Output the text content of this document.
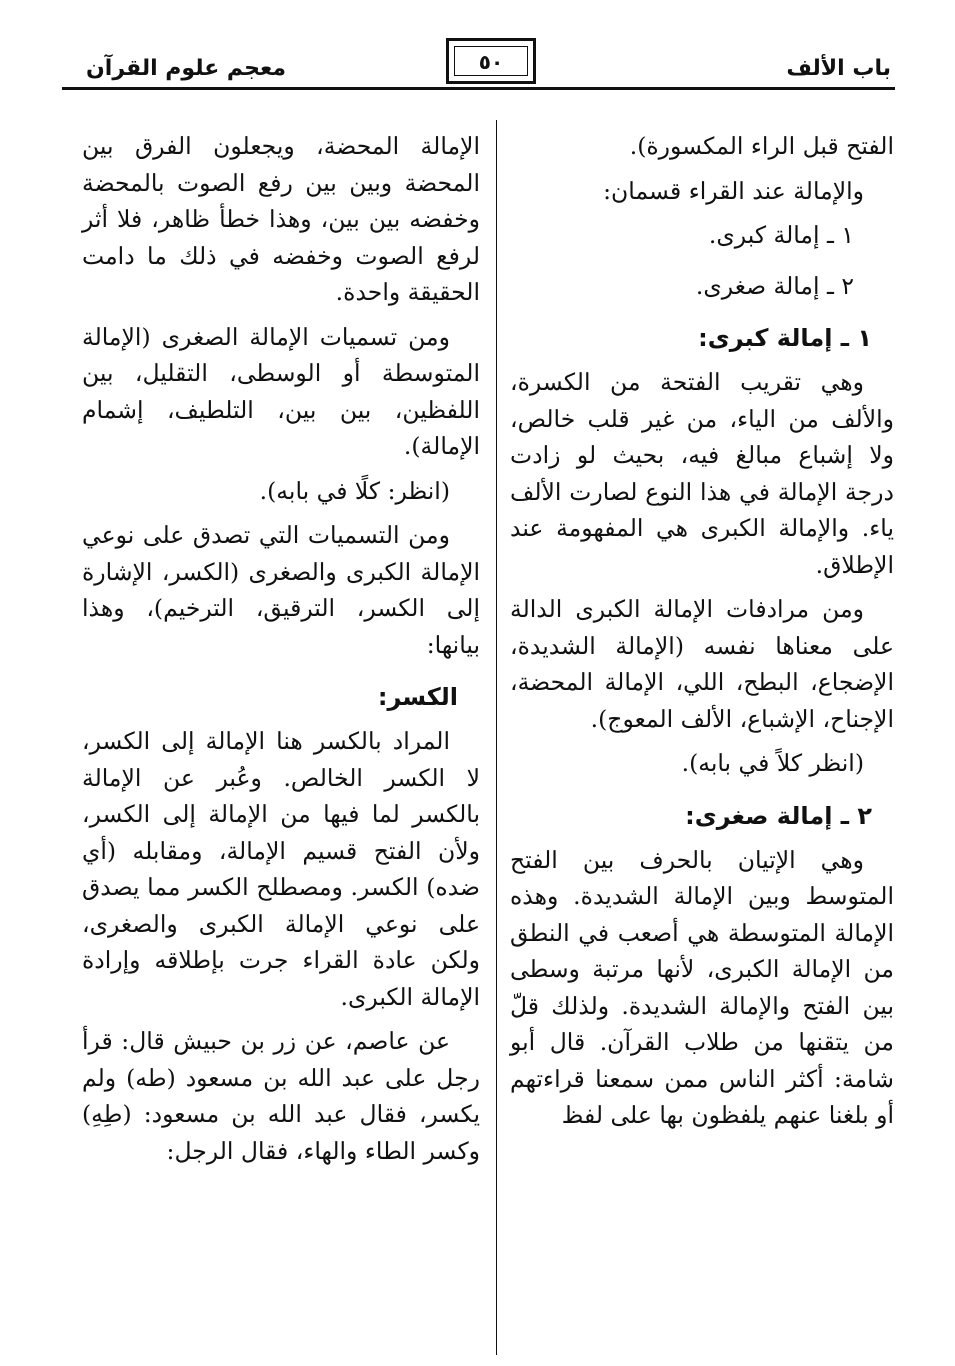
باب الألف
٥٠
معجم علوم القرآن

الفتح قبل الراء المكسورة).

والإمالة عند القراء قسمان:

١ ـ إمالة كبرى.

٢ ـ إمالة صغرى.

١ ـ إمالة كبرى:

وهي تقريب الفتحة من الكسرة، والألف من الياء، من غير قلب خالص، ولا إشباع مبالغ فيه، بحيث لو زادت درجة الإمالة في هذا النوع لصارت الألف ياء. والإمالة الكبرى هي المفهومة عند الإطلاق.

ومن مرادفات الإمالة الكبرى الدالة على معناها نفسه (الإمالة الشديدة، الإضجاع، البطح، اللي، الإمالة المحضة، الإجناح، الإشباع، الألف المعوج).

(انظر كلاً في بابه).

٢ ـ إمالة صغرى:

وهي الإتيان بالحرف بين الفتح المتوسط وبين الإمالة الشديدة. وهذه الإمالة المتوسطة هي أصعب في النطق من الإمالة الكبرى، لأنها مرتبة وسطى بين الفتح والإمالة الشديدة. ولذلك قلّ من يتقنها من طلاب القرآن. قال أبو شامة: أكثر الناس ممن سمعنا قراءتهم أو بلغنا عنهم يلفظون بها على لفظ

الإمالة المحضة، ويجعلون الفرق بين المحضة وبين بين رفع الصوت بالمحضة وخفضه بين بين، وهذا خطأ ظاهر، فلا أثر لرفع الصوت وخفضه في ذلك ما دامت الحقيقة واحدة.

ومن تسميات الإمالة الصغرى (الإمالة المتوسطة أو الوسطى، التقليل، بين اللفظين، بين بين، التلطيف، إشمام الإمالة).

(انظر: كلًا في بابه).

ومن التسميات التي تصدق على نوعي الإمالة الكبرى والصغرى (الكسر، الإشارة إلى الكسر، الترقيق، الترخيم)، وهذا بيانها:

الكسر:

المراد بالكسر هنا الإمالة إلى الكسر، لا الكسر الخالص. وعُبر عن الإمالة بالكسر لما فيها من الإمالة إلى الكسر، ولأن الفتح قسيم الإمالة، ومقابله (أي ضده) الكسر. ومصطلح الكسر مما يصدق على نوعي الإمالة الكبرى والصغرى، ولكن عادة القراء جرت بإطلاقه وإرادة الإمالة الكبرى.

عن عاصم، عن زر بن حبيش قال: قرأ رجل على عبد الله بن مسعود (طه) ولم يكسر، فقال عبد الله بن مسعود: (طِهِ) وكسر الطاء والهاء، فقال الرجل:
